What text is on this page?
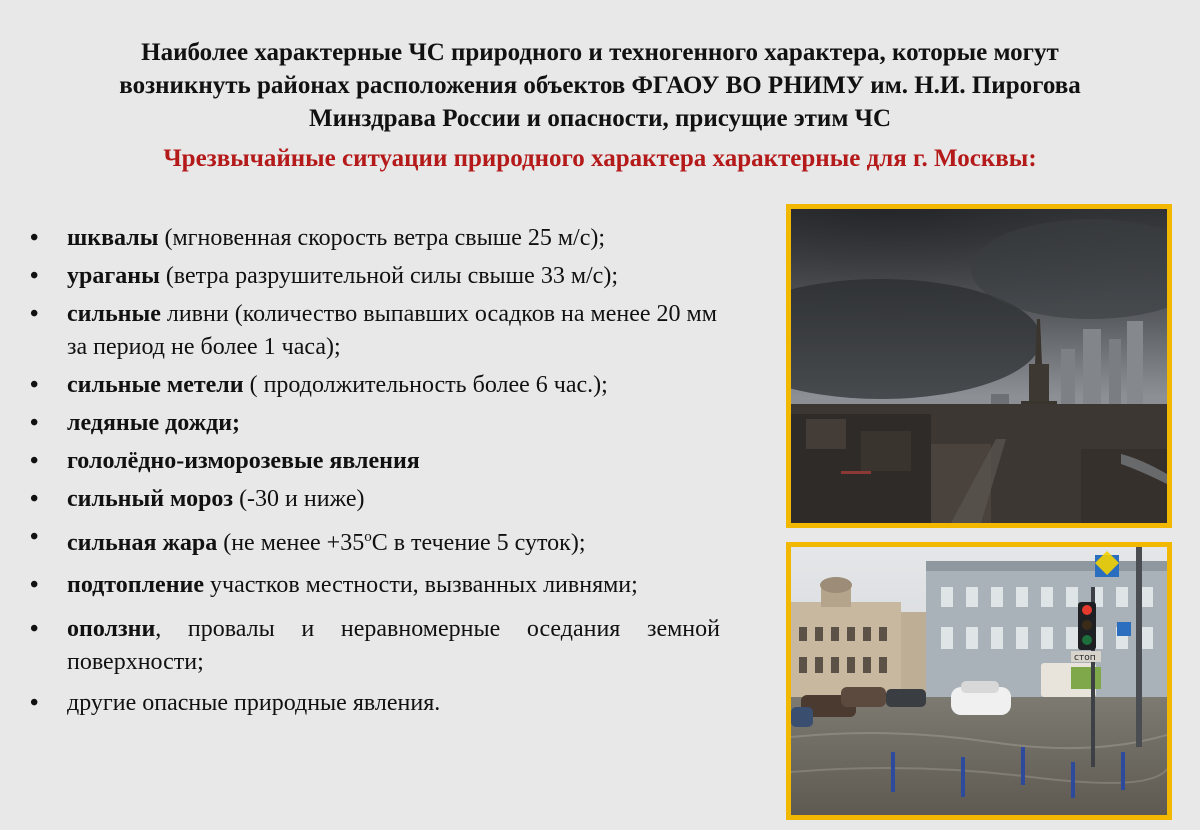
Наиболее характерные ЧС природного и техногенного характера, которые могут
возникнуть районах расположения объектов ФГАОУ ВО РНИМУ им. Н.И. Пирогова
Минздрава России и опасности, присущие этим ЧС
Чрезвычайные ситуации природного характера характерные для г. Москвы:
• шквалы (мгновенная скорость ветра свыше 25 м/с);
• ураганы (ветра разрушительной силы свыше 33 м/с);
• сильные ливни (количество выпавших осадков на менее 20 мм за период не более 1 часа);
• сильные метели ( продолжительность более 6 час.);
• ледяные дожди;
• гололёдно-изморозевые явления
• сильный мороз (-30 и ниже)
• сильная жара (не менее $+35^оС$ в течение 5 суток);
• подтопление участков местности, вызванных ливнями;
• оползни, провалы и неравномерные оседания земной поверхности;
• другие опасные природные явления.
стоп
